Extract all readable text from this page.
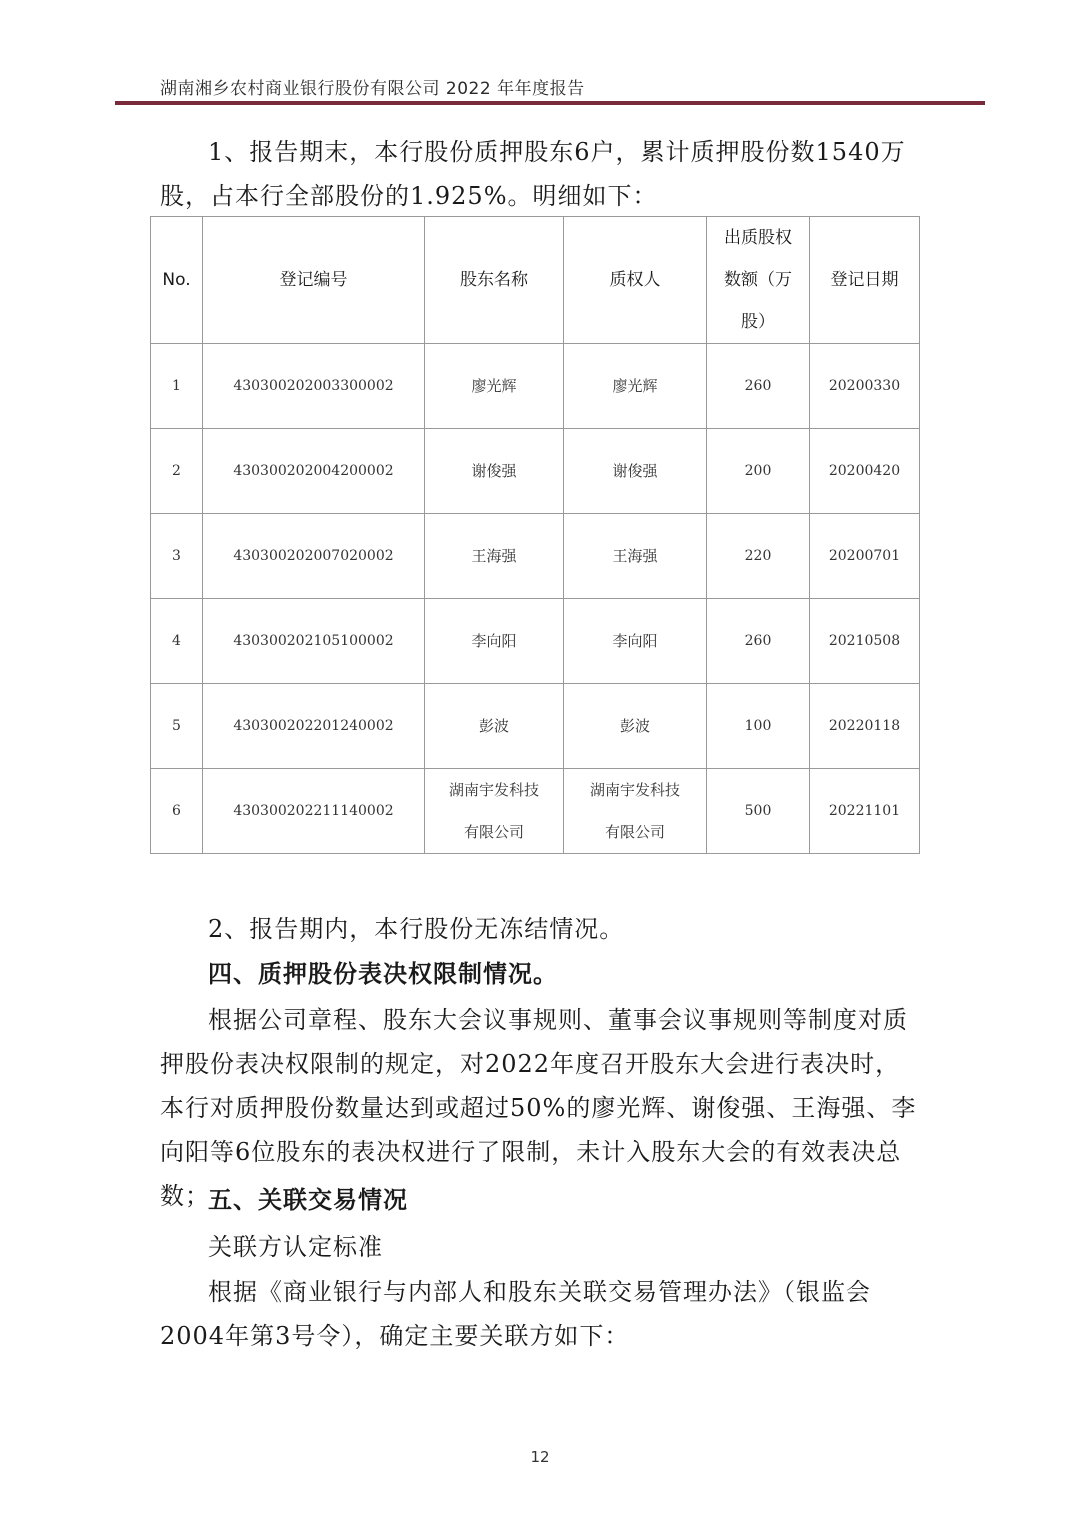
湖南湘乡农村商业银行股份有限公司 2022 年年度报告
1、报告期末，本行股份质押股东6户，累计质押股份数1540万股，占本行全部股份的1.925%。明细如下：
No.	登记编号	股东名称	质权人	出质股权数额（万股）	登记日期
1	430300202003300002	廖光辉	廖光辉	260	20200330
2	430300202004200002	谢俊强	谢俊强	200	20200420
3	430300202007020002	王海强	王海强	220	20200701
4	430300202105100002	李向阳	李向阳	260	20210508
5	430300202201240002	彭波	彭波	100	20220118
6	430300202211140002	湖南宇发科技有限公司	湖南宇发科技有限公司	500	20221101
2、报告期内，本行股份无冻结情况。
四、质押股份表决权限制情况。
根据公司章程、股东大会议事规则、董事会议事规则等制度对质押股份表决权限制的规定，对2022年度召开股东大会进行表决时，本行对质押股份数量达到或超过50%的廖光辉、谢俊强、王海强、李向阳等6位股东的表决权进行了限制，未计入股东大会的有效表决总数；
五、关联交易情况
关联方认定标准
根据《商业银行与内部人和股东关联交易管理办法》（银监会2004年第3号令），确定主要关联方如下：
12
